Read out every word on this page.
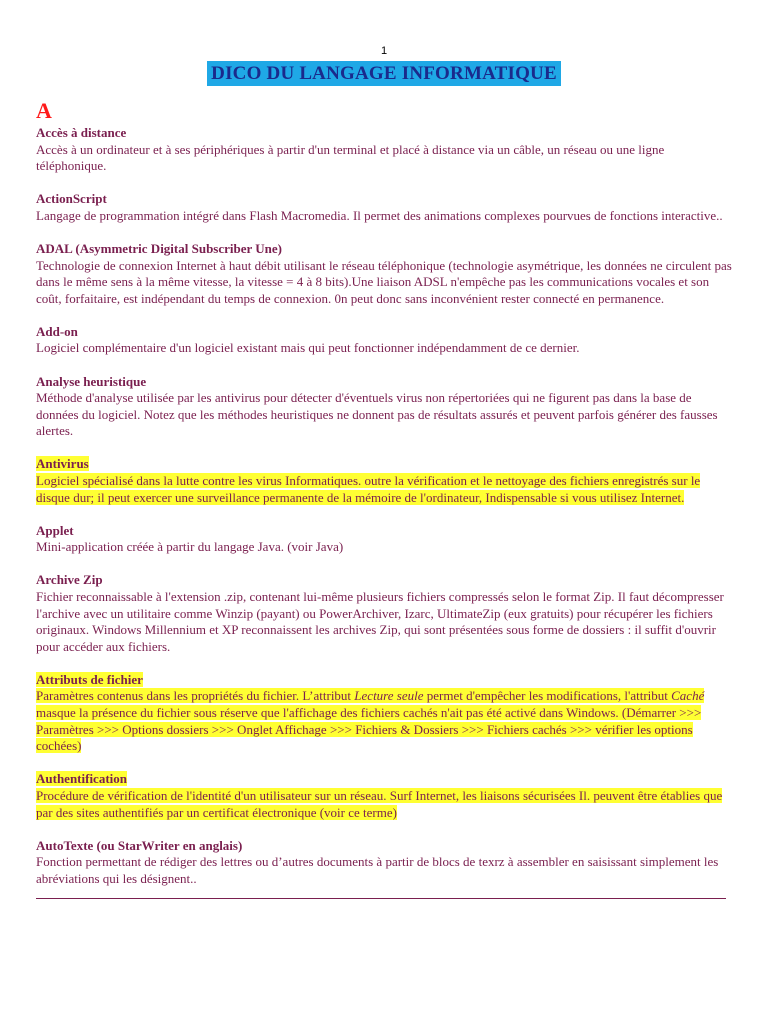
1
DICO DU LANGAGE INFORMATIQUE
A
Accès à distance
Accès à un ordinateur et à ses périphériques à partir d'un terminal et placé à distance via un câble, un réseau ou une ligne téléphonique.
ActionScript
Langage de programmation intégré dans Flash Macromedia. Il permet des animations complexes pourvues de fonctions interactive..
ADAL (Asymmetric Digital Subscriber Une)
Technologie de connexion Internet à haut débit utilisant le réseau téléphonique (technologie asymétrique, les données ne circulent pas dans le même sens à la même vitesse, la vitesse = 4 à 8 bits).Une liaison ADSL n'empêche pas les communications vocales et son coût, forfaitaire, est indépendant du temps de connexion. 0n peut donc sans inconvénient rester connecté en permanence.
Add-on
Logiciel complémentaire d'un logiciel existant mais qui peut fonctionner indépendamment de ce dernier.
Analyse heuristique
Méthode d'analyse utilisée par les antivirus pour détecter d'éventuels virus non répertoriées qui ne figurent pas dans la base de données du logiciel. Notez que les méthodes heuristiques ne donnent pas de résultats assurés et peuvent parfois générer des fausses alertes.
Antivirus
Logiciel spécialisé dans la lutte contre les virus Informatiques. outre la vérification et le nettoyage des fichiers enregistrés sur le disque dur; il peut exercer une surveillance permanente de la mémoire de l'ordinateur, Indispensable si vous utilisez Internet.
Applet
Mini-application créée à partir du langage Java. (voir Java)
Archive Zip
Fichier reconnaissable à l'extension .zip, contenant lui-même plusieurs fichiers compressés selon le format Zip. Il faut décompresser l'archive avec un utilitaire comme Winzip (payant) ou PowerArchiver, Izarc, UltimateZip (eux gratuits) pour récupérer les fichiers originaux. Windows Millennium et XP reconnaissent les archives Zip, qui sont présentées sous forme de dossiers : il suffit d'ouvrir pour accéder aux fichiers.
Attributs de fichier
Paramètres contenus dans les propriétés du fichier. L’attribut Lecture seule permet d'empêcher les modifications, l'attribut Caché masque la présence du fichier sous réserve que l'affichage des fichiers cachés n'ait pas été activé dans Windows. (Démarrer >>> Paramètres >>> Options dossiers >>> Onglet Affichage >>> Fichiers & Dossiers >>> Fichiers cachés >>> vérifier les options cochées)
Authentification
Procédure de vérification de l'identité d'un utilisateur sur un réseau. Surf Internet, les liaisons sécurisées Il. peuvent être établies que par des sites authentifiés par un certificat électronique (voir ce terme)
AutoTexte (ou StarWriter en anglais)
Fonction permettant de rédiger des lettres ou d’autres documents à partir de blocs de texrz à assembler en saisissant simplement les abréviations qui les désignent..
